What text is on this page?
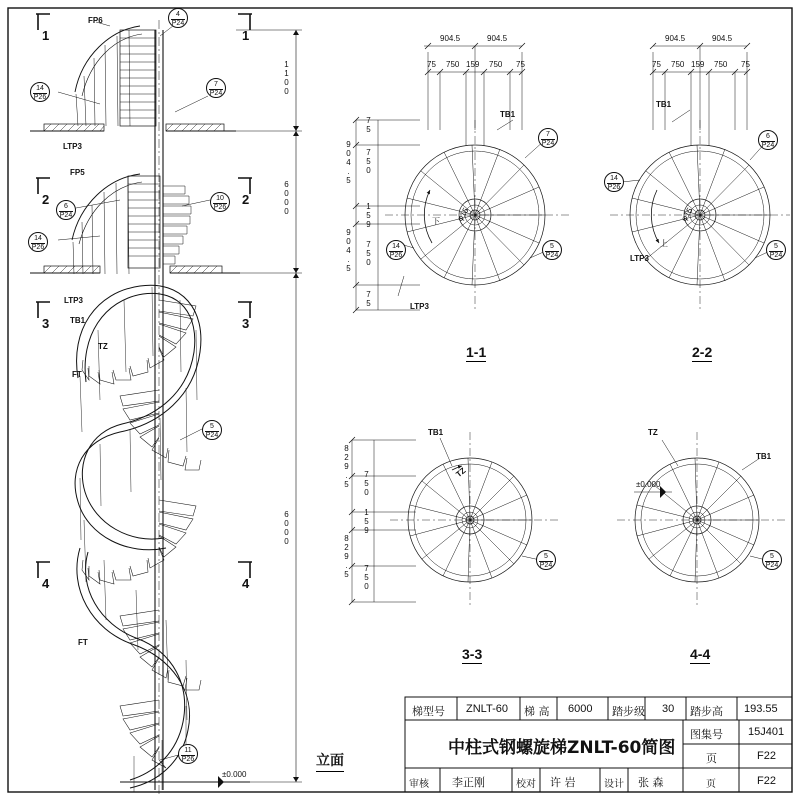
FP6
FP5
LTP3
LTP3
TB1
TZ
FT
FT
1	1
2	2
3	3
4	4
1100
6000
6000
±0.000
立面
4
P24
14
P26
7
P24
6
P24
10
P26
14
P26
5
P24
11
P26
904.5	904.5
75 750 159 750 75
75
750
904.5
159
904.5 750
75
TB1
LTP3
下 φ15
7
P24
5
P24
14
P26
1-1
904.5	904.5
75 750 159 750 75
TB1
LTP3
上
φ15
6
P24
14
P26
5
P24
2-2
829.5 750
159
829.5 750
TB1
TZ
5
P24
3-3
TZ
TB1
±0.000
5
P24
4-4
梯型号 ZNLT-60 梯 高 6000 踏步级 30 踏步高 193.55
中柱式钢螺旋梯ZNLT-60简图
图集号 15J401
页	F22
审核 李正刚	校对 许 岩	设计 张 森	页	F22
